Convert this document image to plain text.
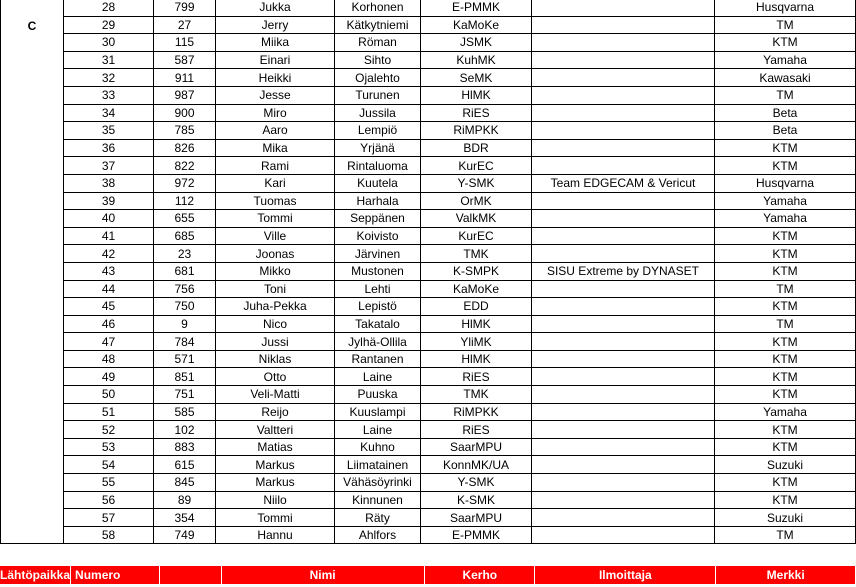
C	28	799	Jukka	Korhonen	E-PMMK		Husqvarna
	29	27	Jerry	Kätkytniemi	KaMoKe		TM
	30	115	Miika	Röman	JSMK		KTM
	31	587	Einari	Sihto	KuhMK		Yamaha
	32	911	Heikki	Ojalehto	SeMK		Kawasaki
	33	987	Jesse	Turunen	HlMK		TM
	34	900	Miro	Jussila	RiES		Beta
	35	785	Aaro	Lempiö	RiMPKK		Beta
	36	826	Mika	Yrjänä	BDR		KTM
	37	822	Rami	Rintaluoma	KurEC		KTM
	38	972	Kari	Kuutela	Y-SMK	Team EDGECAM & Vericut	Husqvarna
	39	112	Tuomas	Harhala	OrMK		Yamaha
	40	655	Tommi	Seppänen	ValkMK		Yamaha
	41	685	Ville	Koivisto	KurEC		KTM
	42	23	Joonas	Järvinen	TMK		KTM
	43	681	Mikko	Mustonen	K-SMPK	SISU Extreme by DYNASET	KTM
	44	756	Toni	Lehti	KaMoKe		TM
	45	750	Juha-Pekka	Lepistö	EDD		KTM
	46	9	Nico	Takatalo	HlMK		TM
	47	784	Jussi	Jylhä-Ollila	YliMK		KTM
	48	571	Niklas	Rantanen	HlMK		KTM
	49	851	Otto	Laine	RiES		KTM
	50	751	Veli-Matti	Puuska	TMK		KTM
	51	585	Reijo	Kuuslampi	RiMPKK		Yamaha
	52	102	Valtteri	Laine	RiES		KTM
	53	883	Matias	Kuhno	SaarMPU		KTM
	54	615	Markus	Liimatainen	KonnMK/UA		Suzuki
	55	845	Markus	Vähäsöyrinki	Y-SMK		KTM
	56	89	Niilo	Kinnunen	K-SMK		KTM
	57	354	Tommi	Räty	SaarMPU		Suzuki
	58	749	Hannu	Ahlfors	E-PMMK		TM
Lähtöpaikka	Numero		Nimi	Kerho	Ilmoittaja	Merkki
